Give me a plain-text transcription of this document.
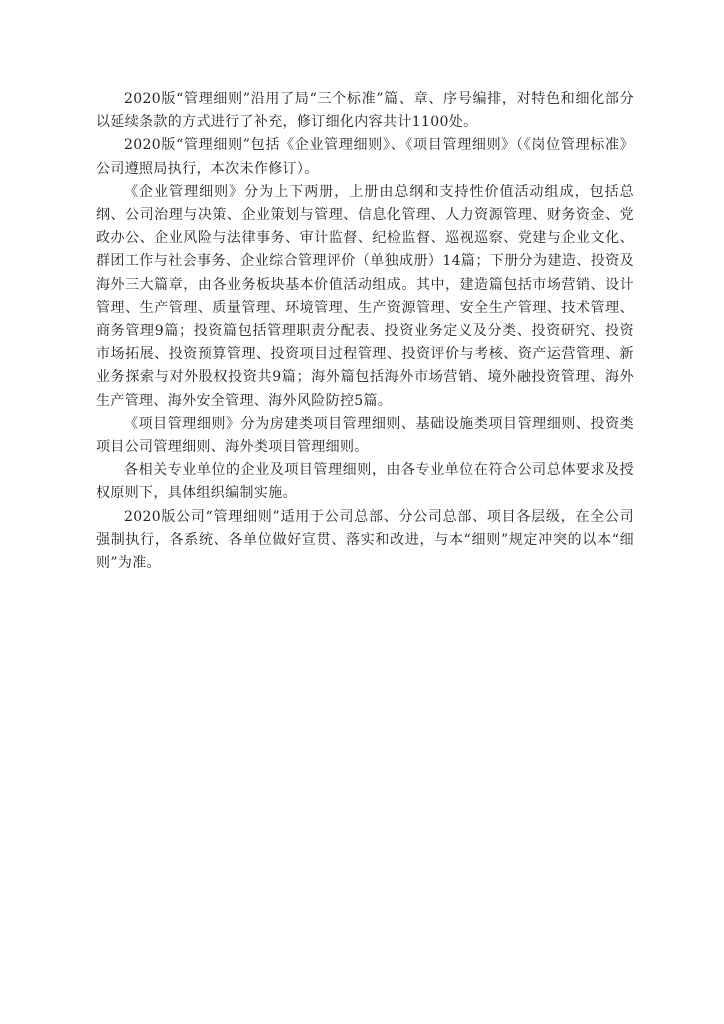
2020版“管理细则”沿用了局“三个标准”篇、章、序号编排，对特色和细化部分以延续条款的方式进行了补充，修订细化内容共计1100处。

2020版“管理细则”包括《企业管理细则》、《项目管理细则》（《岗位管理标准》公司遵照局执行，本次未作修订）。

《企业管理细则》分为上下两册，上册由总纲和支持性价值活动组成，包括总纲、公司治理与决策、企业策划与管理、信息化管理、人力资源管理、财务资金、党政办公、企业风险与法律事务、审计监督、纪检监督、巡视巡察、党建与企业文化、群团工作与社会事务、企业综合管理评价（单独成册）14篇；下册分为建造、投资及海外三大篇章，由各业务板块基本价值活动组成。其中，建造篇包括市场营销、设计管理、生产管理、质量管理、环境管理、生产资源管理、安全生产管理、技术管理、商务管理9篇；投资篇包括管理职责分配表、投资业务定义及分类、投资研究、投资市场拓展、投资预算管理、投资项目过程管理、投资评价与考核、资产运营管理、新业务探索与对外股权投资共9篇；海外篇包括海外市场营销、境外融投资管理、海外生产管理、海外安全管理、海外风险防控5篇。

《项目管理细则》分为房建类项目管理细则、基础设施类项目管理细则、投资类项目公司管理细则、海外类项目管理细则。

各相关专业单位的企业及项目管理细则，由各专业单位在符合公司总体要求及授权原则下，具体组织编制实施。

2020版公司“管理细则”适用于公司总部、分公司总部、项目各层级，在全公司强制执行，各系统、各单位做好宣贯、落实和改进，与本“细则”规定冲突的以本“细则”为准。
